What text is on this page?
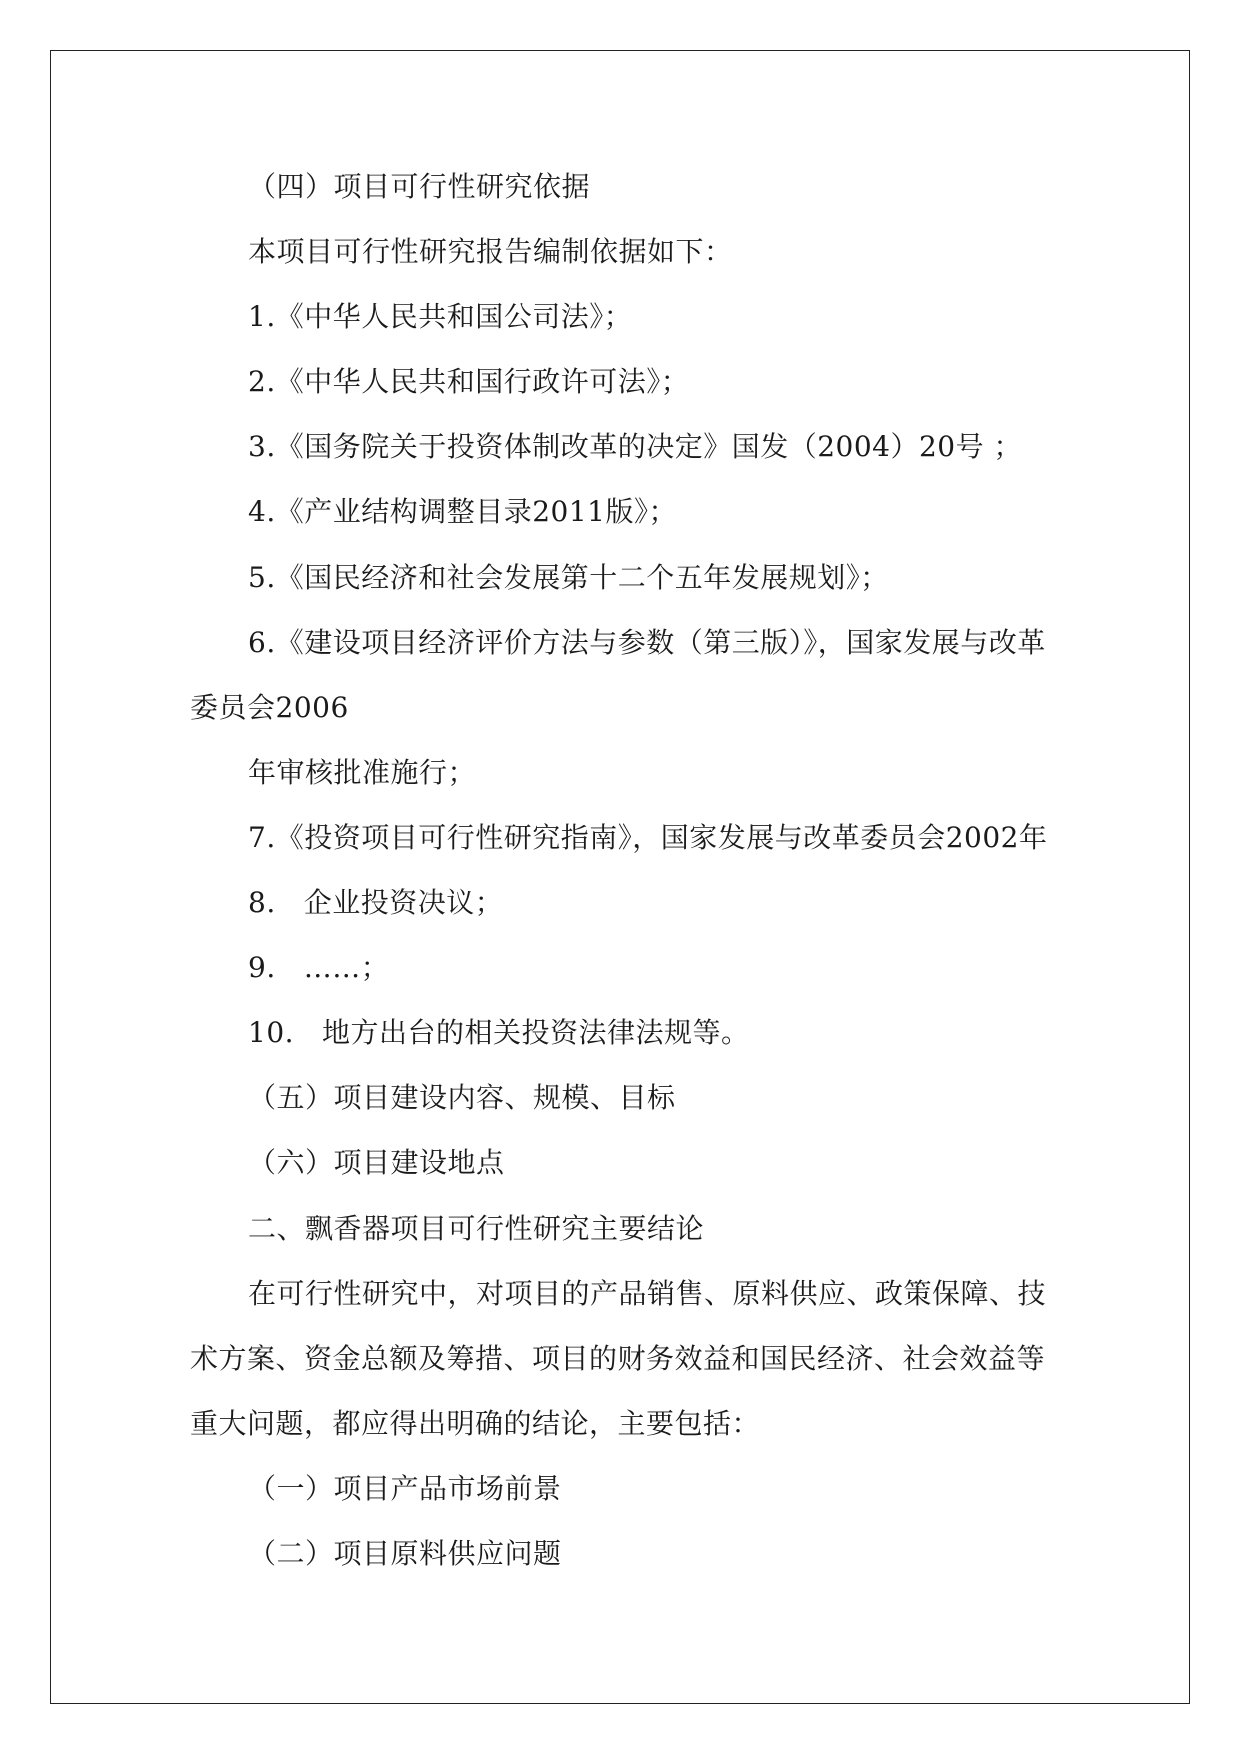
（四）项目可行性研究依据
本项目可行性研究报告编制依据如下：
1.《中华人民共和国公司法》；
2.《中华人民共和国行政许可法》；
3.《国务院关于投资体制改革的决定》国发（2004）20号 ；
4.《产业结构调整目录2011版》；
5.《国民经济和社会发展第十二个五年发展规划》；
6.《建设项目经济评价方法与参数（第三版）》，国家发展与改革
委员会2006
年审核批准施行；
7.《投资项目可行性研究指南》，国家发展与改革委员会2002年
8. 企业投资决议；
9. ……；
10. 地方出台的相关投资法律法规等。
（五）项目建设内容、规模、目标
（六）项目建设地点
二、飘香器项目可行性研究主要结论
在可行性研究中，对项目的产品销售、原料供应、政策保障、技
术方案、资金总额及筹措、项目的财务效益和国民经济、社会效益等
重大问题，都应得出明确的结论，主要包括：
（一）项目产品市场前景
（二）项目原料供应问题
